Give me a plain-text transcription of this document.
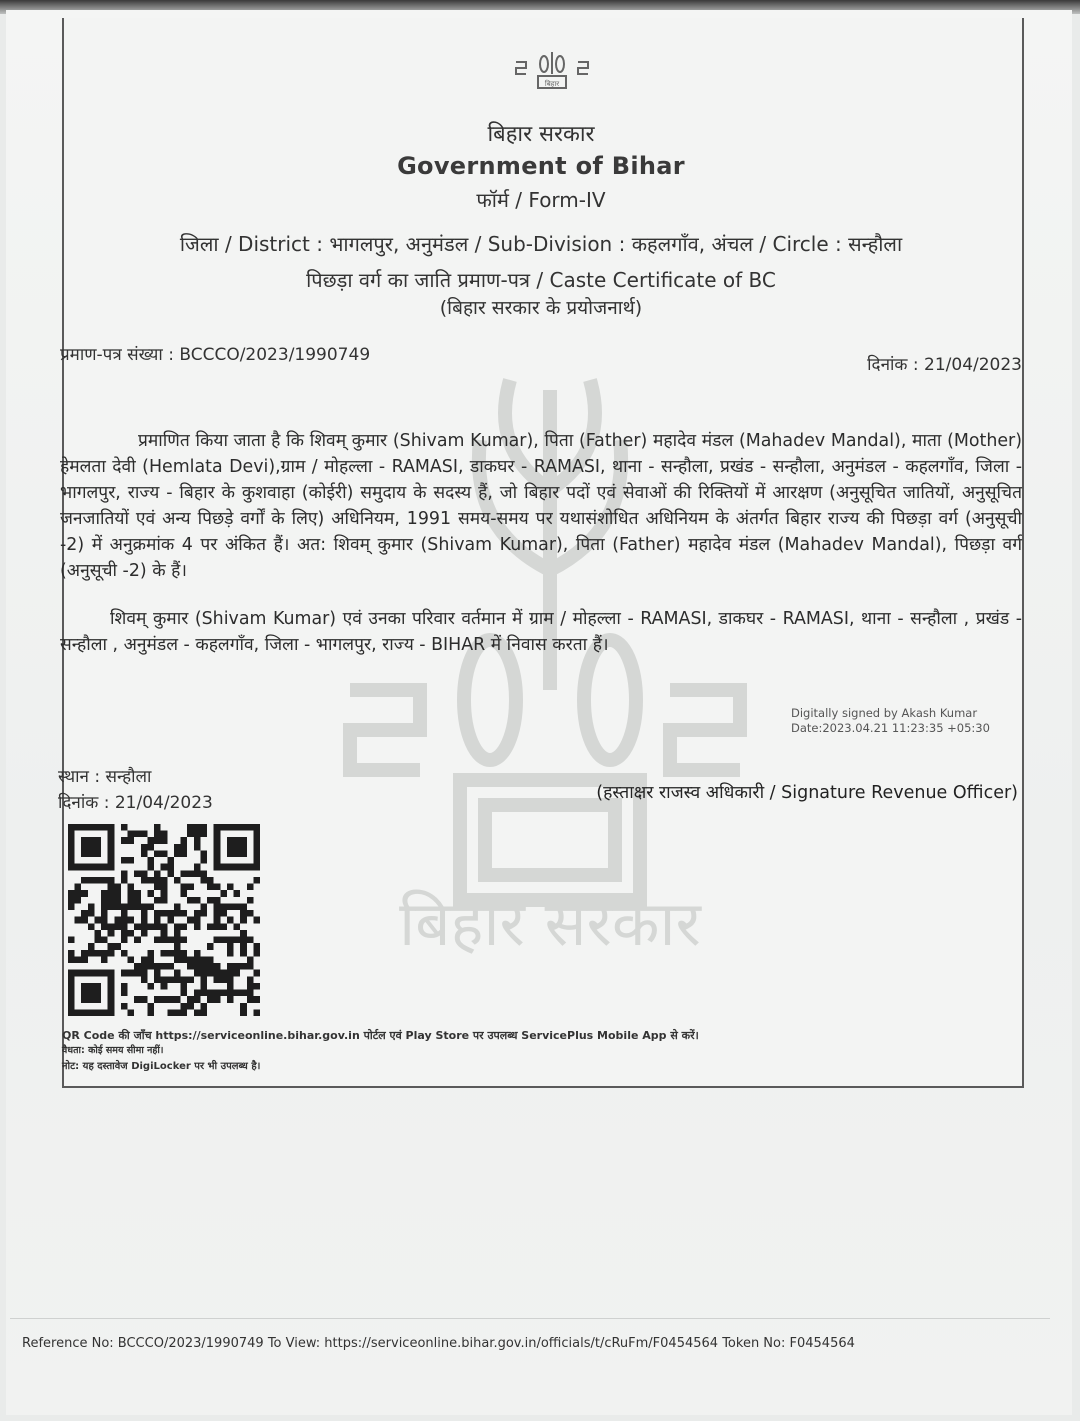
बिहार
बिहार सरकार
बिहार सरकार
Government of Bihar
फॉर्म / Form-IV
जिला / District : भागलपुर, अनुमंडल / Sub-Division : कहलगाँव, अंचल / Circle : सन्हौला
पिछड़ा वर्ग का जाति प्रमाण-पत्र / Caste Certificate of BC
(बिहार सरकार के प्रयोजनार्थ)
प्रमाण-पत्र संख्या : BCCCO/2023/1990749	दिनांक : 21/04/2023

प्रमाणित किया जाता है कि शिवम् कुमार (Shivam Kumar), पिता (Father) महादेव मंडल (Mahadev Mandal), माता (Mother) हेमलता देवी (Hemlata Devi),ग्राम / मोहल्ला - RAMASI, डाकघर - RAMASI, थाना - सन्हौला, प्रखंड - सन्हौला, अनुमंडल - कहलगाँव, जिला - भागलपुर, राज्य - बिहार के कुशवाहा (कोईरी) समुदाय के सदस्य हैं, जो बिहार पदों एवं सेवाओं की रिक्तियों में आरक्षण (अनुसूचित जातियों, अनुसूचित जनजातियों एवं अन्य पिछड़े वर्गों के लिए) अधिनियम, 1991 समय-समय पर यथासंशोधित अधिनियम के अंतर्गत बिहार राज्य की पिछड़ा वर्ग (अनुसूची -2) में अनुक्रमांक 4 पर अंकित हैं। अत: शिवम् कुमार (Shivam Kumar), पिता (Father) महादेव मंडल (Mahadev Mandal), पिछड़ा वर्ग (अनुसूची -2) के हैं।

शिवम् कुमार (Shivam Kumar) एवं उनका परिवार वर्तमान में ग्राम / मोहल्ला - RAMASI, डाकघर - RAMASI, थाना - सन्हौला , प्रखंड - सन्हौला , अनुमंडल - कहलगाँव, जिला - भागलपुर, राज्य - BIHAR में निवास करता हैं।

Digitally signed by Akash Kumar
Date:2023.04.21 11:23:35 +05:30
स्थान : सन्हौला
दिनांक : 21/04/2023	(हस्ताक्षर राजस्व अधिकारी / Signature Revenue Officer)
QR Code की जाँच https://serviceonline.bihar.gov.in पोर्टल एवं Play Store पर उपलब्ध ServicePlus Mobile App से करें।
वैधता: कोई समय सीमा नहीं।
नोट: यह दस्तावेज DigiLocker पर भी उपलब्ध है।
Reference No: BCCCO/2023/1990749 To View: https://serviceonline.bihar.gov.in/officials/t/cRuFm/F0454564 Token No: F0454564
